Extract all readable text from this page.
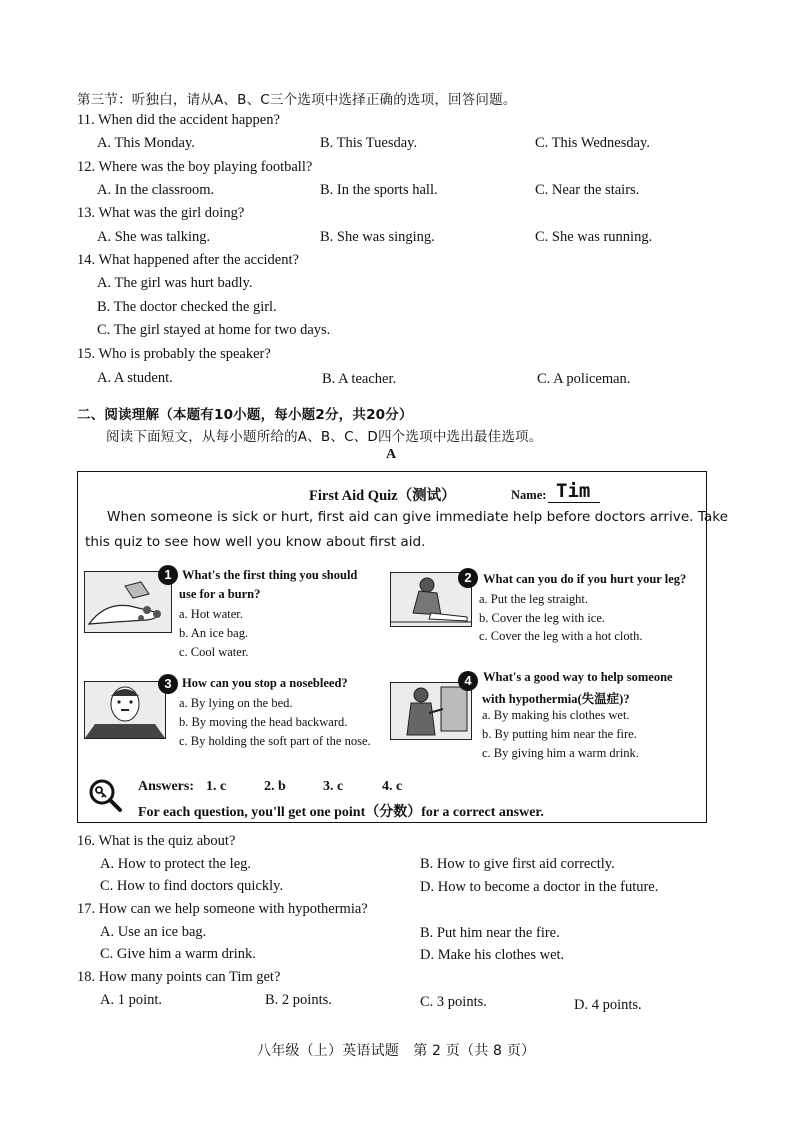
第三节：听独白，请从A、B、C三个选项中选择正确的选项，回答问题。
11. When did the accident happen?
A. This Monday.	B. This Tuesday.	C. This Wednesday.
12. Where was the boy playing football?
A. In the classroom.	B. In the sports hall.	C. Near the stairs.
13. What was the girl doing?
A. She was talking.	B. She was singing.	C. She was running.
14. What happened after the accident?
A. The girl was hurt badly.
B. The doctor checked the girl.
C. The girl stayed at home for two days.
15. Who is probably the speaker?
A. A student.	B. A teacher.	C. A policeman.
二、阅读理解（本题有10小题，每小题2分，共20分）
阅读下面短文，从每小题所给的A、B、C、D四个选项中选出最佳选项。
A
First Aid Quiz（测试）	Name: Tim
When someone is sick or hurt, first aid can give immediate help before doctors arrive. Take
this quiz to see how well you know about first aid.
1 What's the first thing you should
use for a burn?
a. Hot water.
b. An ice bag.
c. Cool water.
2 What can you do if you hurt your leg?
a. Put the leg straight.
b. Cover the leg with ice.
c. Cover the leg with a hot cloth.
3 How can you stop a nosebleed?
a. By lying on the bed.
b. By moving the head backward.
c. By holding the soft part of the nose.
4 What's a good way to help someone
with hypothermia(失温症)?
a. By making his clothes wet.
b. By putting him near the fire.
c. By giving him a warm drink.
Answers: 1. c	2. b	3. c	4. c
For each question, you'll get one point（分数）for a correct answer.
16. What is the quiz about?
A. How to protect the leg.	B. How to give first aid correctly.
C. How to find doctors quickly.	D. How to become a doctor in the future.
17. How can we help someone with hypothermia?
A. Use an ice bag.	B. Put him near the fire.
C. Give him a warm drink.	D. Make his clothes wet.
18. How many points can Tim get?
A. 1 point.	B. 2 points.	C. 3 points.	D. 4 points.
八年级（上）英语试题　第 2 页（共 8 页）
